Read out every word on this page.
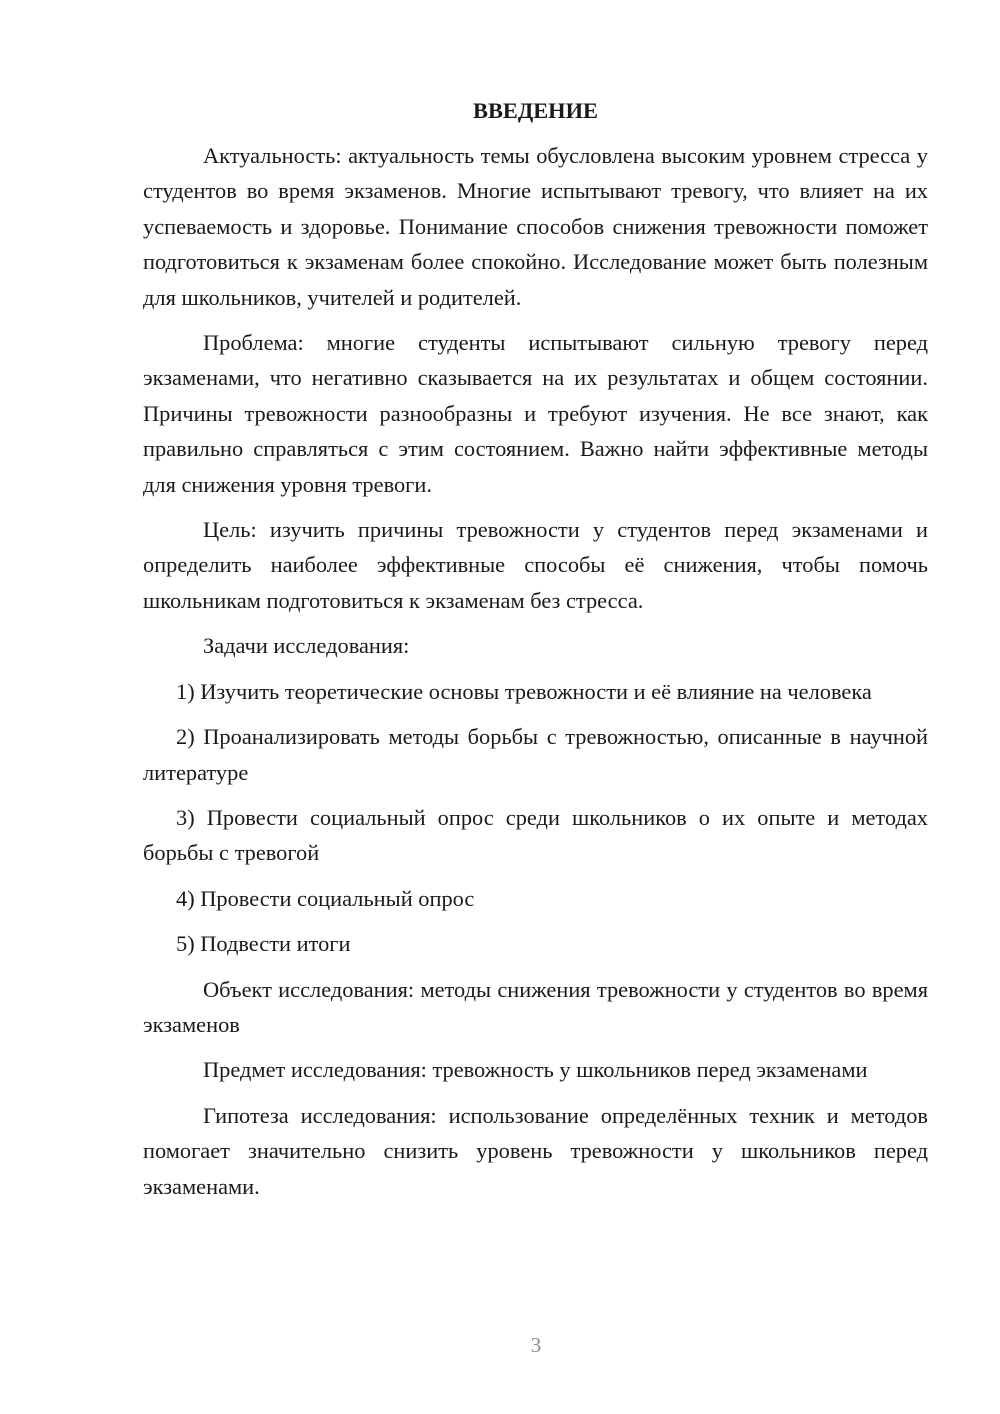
ВВЕДЕНИЕ

Актуальность: актуальность темы обусловлена высоким уровнем стресса у студентов во время экзаменов. Многие испытывают тревогу, что влияет на их успеваемость и здоровье. Понимание способов снижения тревожности поможет подготовиться к экзаменам более спокойно. Исследование может быть полезным для школьников, учителей и родителей.

Проблема: многие студенты испытывают сильную тревогу перед экзаменами, что негативно сказывается на их результатах и общем состоянии. Причины тревожности разнообразны и требуют изучения. Не все знают, как правильно справляться с этим состоянием. Важно найти эффективные методы для снижения уровня тревоги.

Цель: изучить причины тревожности у студентов перед экзаменами и определить наиболее эффективные способы её снижения, чтобы помочь школьникам подготовиться к экзаменам без стресса.

Задачи исследования:

1) Изучить теоретические основы тревожности и её влияние на человека

2) Проанализировать методы борьбы с тревожностью, описанные в научной литературе

3) Провести социальный опрос среди школьников о их опыте и методах борьбы с тревогой

4) Провести социальный опрос

5) Подвести итоги

Объект исследования: методы снижения тревожности у студентов во время экзаменов

Предмет исследования: тревожность у школьников перед экзаменами

Гипотеза исследования: использование определённых техник и методов помогает значительно снизить уровень тревожности у школьников перед экзаменами.

3
